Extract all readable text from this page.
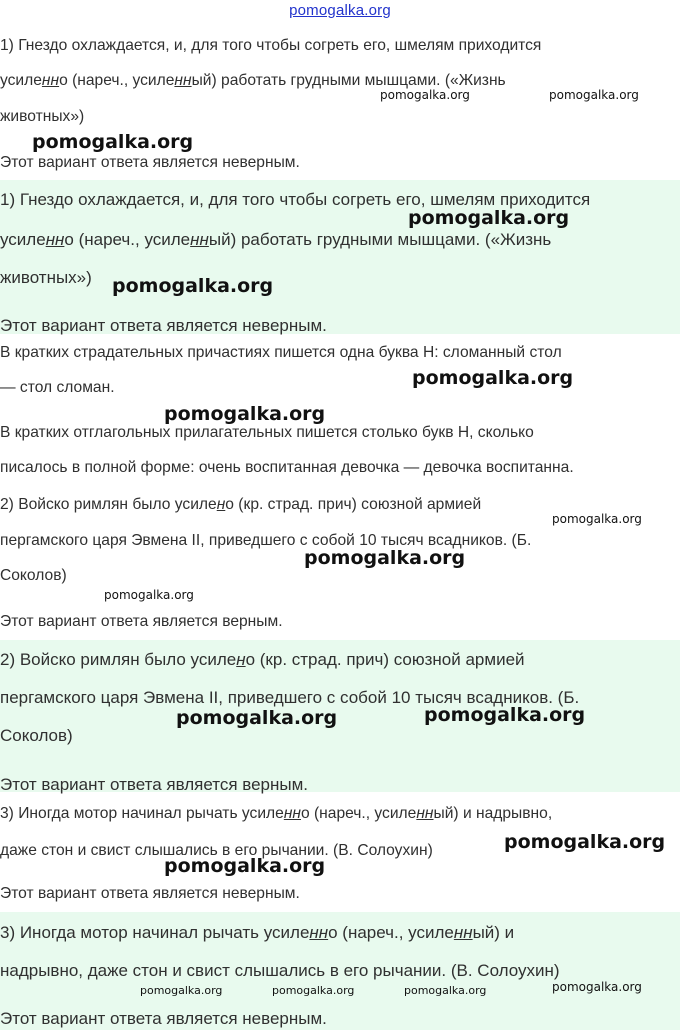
pomogalka.org
1) Гнездо охлаждается, и, для того чтобы согреть его, шмелям приходится
усиленно (нареч., усиленный) работать грудными мышцами. («Жизнь
животных»)
Этот вариант ответа является неверным.
1) Гнездо охлаждается, и, для того чтобы согреть его, шмелям приходится
усиленно (нареч., усиленный) работать грудными мышцами. («Жизнь
животных»)
Этот вариант ответа является неверным.
В кратких страдательных причастиях пишется одна буква Н: сломанный стол
— стол сломан.
В кратких отглагольных прилагательных пишется столько букв Н, сколько
писалось в полной форме: очень воспитанная девочка — девочка воспитанна.
2) Войско римлян было усилено (кр. страд. прич) союзной армией
пергамского царя Эвмена II, приведшего с собой 10 тысяч всадников. (Б.
Соколов)
Этот вариант ответа является верным.
2) Войско римлян было усилено (кр. страд. прич) союзной армией
пергамского царя Эвмена II, приведшего с собой 10 тысяч всадников. (Б.
Соколов)
Этот вариант ответа является верным.
3) Иногда мотор начинал рычать усиленно (нареч., усиленный) и надрывно,
даже стон и свист слышались в его рычании. (В. Солоухин)
Этот вариант ответа является неверным.
3) Иногда мотор начинал рычать усиленно (нареч., усиленный) и
надрывно, даже стон и свист слышались в его рычании. (В. Солоухин)
Этот вариант ответа является неверным.
pomogalka.org	pomogalka.org
pomogalka.org
pomogalka.org
pomogalka.org
pomogalka.org
pomogalka.org
pomogalka.org
pomogalka.org
pomogalka.org
pomogalka.org
pomogalka.org
pomogalka.org
pomogalka.org
pomogalka.org
pomogalka.org	pomogalka.org	pomogalka.org
